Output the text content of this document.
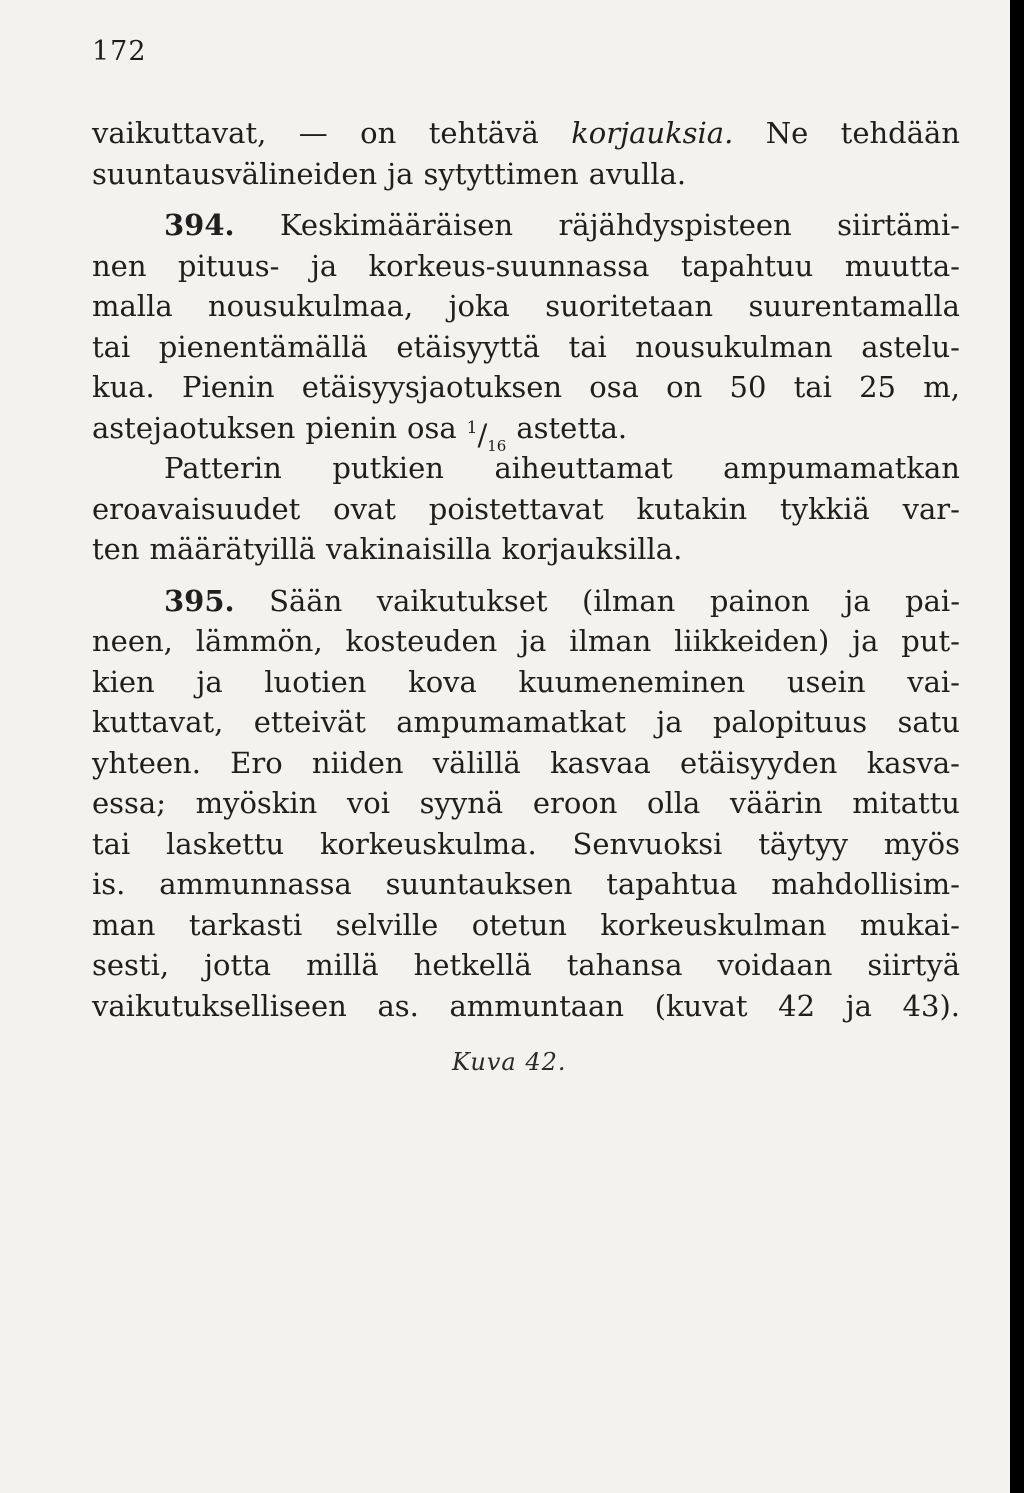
172
vaikuttavat, — on tehtävä korjauksia. Ne tehdään
suuntausvälineiden ja sytyttimen avulla.
394. Keskimääräisen räjähdyspisteen siirtämi-
nen pituus- ja korkeus-suunnassa tapahtuu muutta-
malla nousukulmaa, joka suoritetaan suurentamalla
tai pienentämällä etäisyyttä tai nousukulman astelu-
kua. Pienin etäisyysjaotuksen osa on 50 tai 25 m,
astejaotuksen pienin osa $^1/_{16}$
astetta.
Patterin putkien aiheuttamat ampumamatkan
eroavaisuudet ovat poistettavat kutakin tykkiä var-
ten määrätyillä vakinaisilla korjauksilla.
395. Sään vaikutukset (ilman painon ja pai-
neen, lämmön, kosteuden ja ilman liikkeiden) ja put-
kien ja luotien kova kuumeneminen usein vai-
kuttavat, etteivät ampumamatkat ja palopituus satu
yhteen. Ero niiden välillä kasvaa etäisyyden kasva-
essa; myöskin voi syynä eroon olla väärin mitattu
tai laskettu korkeuskulma. Senvuoksi täytyy myös
is. ammunnassa suuntauksen tapahtua mahdollisim-
man tarkasti selville otetun korkeuskulman mukai-
sesti, jotta millä hetkellä tahansa voidaan siirtyä
vaikutukselliseen as. ammuntaan (kuvat 42 ja 43).
Kuva 42.
